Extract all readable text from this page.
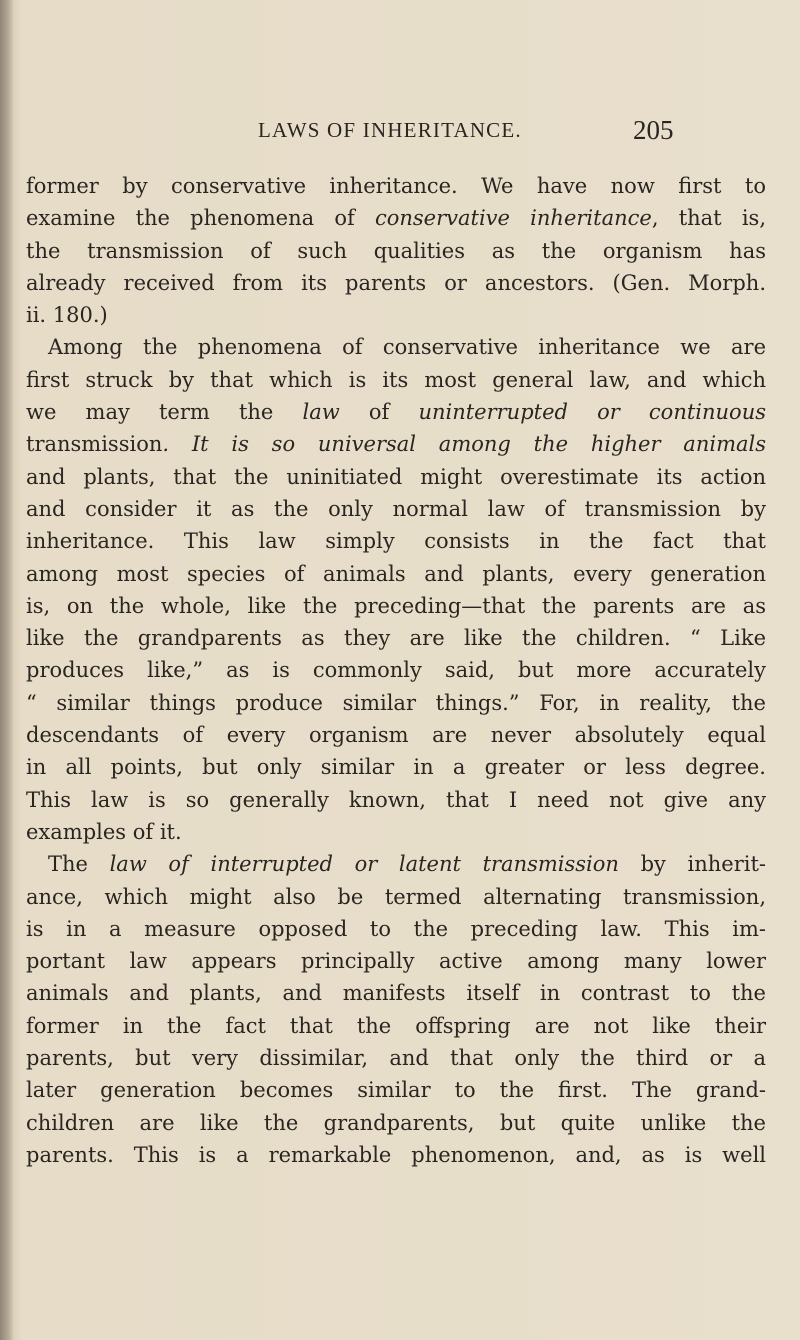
LAWS OF INHERITANCE.	205
former by conservative inheritance. We have now first to
examine the phenomena of conservative inheritance, that is,
the transmission of such qualities as the organism has
already received from its parents or ancestors. (Gen. Morph.
ii. 180.)
Among the phenomena of conservative inheritance we are
first struck by that which is its most general law, and which
we may term the law of uninterrupted or continuous
transmission. It is so universal among the higher animals
and plants, that the uninitiated might overestimate its action
and consider it as the only normal law of transmission by
inheritance. This law simply consists in the fact that
among most species of animals and plants, every generation
is, on the whole, like the preceding—that the parents are as
like the grandparents as they are like the children. “ Like
produces like,” as is commonly said, but more accurately
“ similar things produce similar things.” For, in reality, the
descendants of every organism are never absolutely equal
in all points, but only similar in a greater or less degree.
This law is so generally known, that I need not give any
examples of it.
The law of interrupted or latent transmission by inherit-
ance, which might also be termed alternating transmission,
is in a measure opposed to the preceding law. This im-
portant law appears principally active among many lower
animals and plants, and manifests itself in contrast to the
former in the fact that the offspring are not like their
parents, but very dissimilar, and that only the third or a
later generation becomes similar to the first. The grand-
children are like the grandparents, but quite unlike the
parents. This is a remarkable phenomenon, and, as is well
